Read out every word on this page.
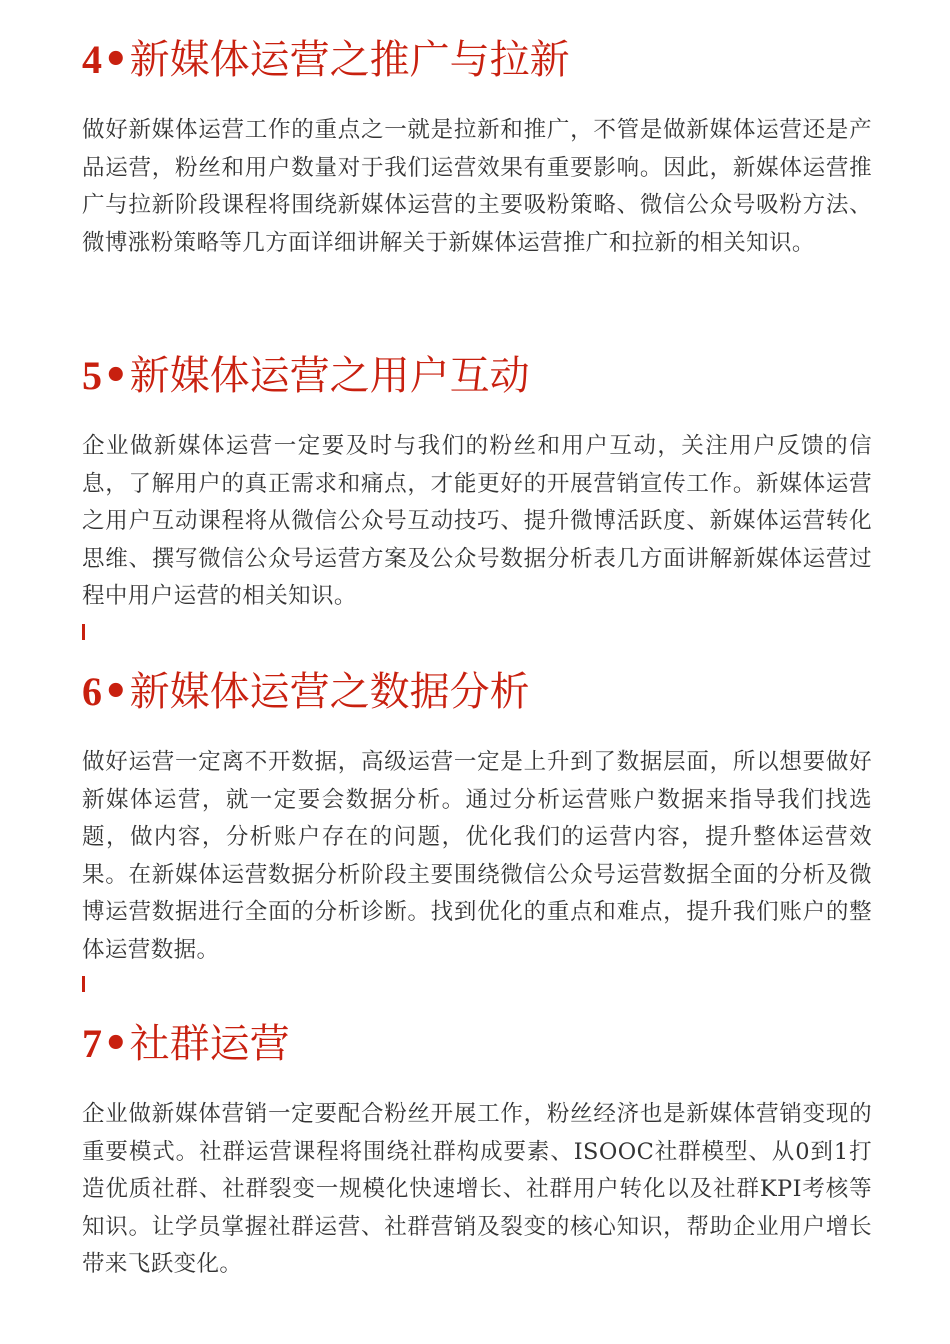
4•新媒体运营之推广与拉新

做好新媒体运营工作的重点之一就是拉新和推广，不管是做新媒体运营还是产品运营，粉丝和用户数量对于我们运营效果有重要影响。因此，新媒体运营推广与拉新阶段课程将围绕新媒体运营的主要吸粉策略、微信公众号吸粉方法、微博涨粉策略等几方面详细讲解关于新媒体运营推广和拉新的相关知识。

5•新媒体运营之用户互动

企业做新媒体运营一定要及时与我们的粉丝和用户互动，关注用户反馈的信息，了解用户的真正需求和痛点，才能更好的开展营销宣传工作。新媒体运营之用户互动课程将从微信公众号互动技巧、提升微博活跃度、新媒体运营转化思维、撰写微信公众号运营方案及公众号数据分析表几方面讲解新媒体运营过程中用户运营的相关知识。

6•新媒体运营之数据分析

做好运营一定离不开数据，高级运营一定是上升到了数据层面，所以想要做好新媒体运营，就一定要会数据分析。通过分析运营账户数据来指导我们找选题，做内容，分析账户存在的问题，优化我们的运营内容，提升整体运营效果。在新媒体运营数据分析阶段主要围绕微信公众号运营数据全面的分析及微博运营数据进行全面的分析诊断。找到优化的重点和难点，提升我们账户的整体运营数据。

7•社群运营

企业做新媒体营销一定要配合粉丝开展工作，粉丝经济也是新媒体营销变现的重要模式。社群运营课程将围绕社群构成要素、ISOOC社群模型、从0到1打造优质社群、社群裂变一规模化快速增长、社群用户转化以及社群KPI考核等知识。让学员掌握社群运营、社群营销及裂变的核心知识，帮助企业用户增长带来飞跃变化。
